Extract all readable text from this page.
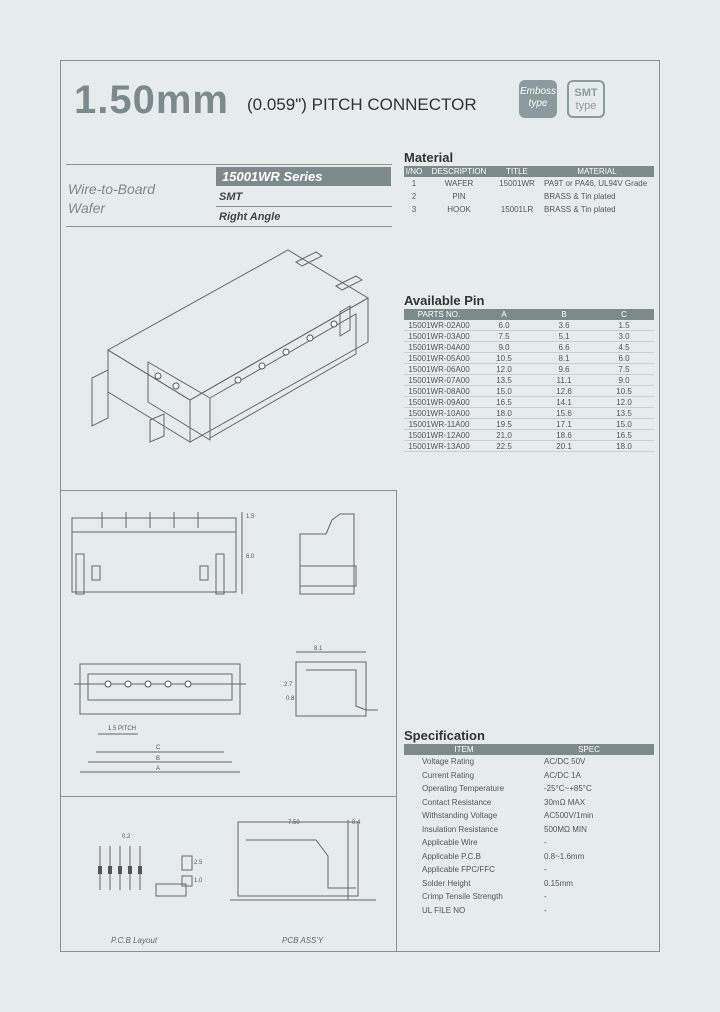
1.50mm (0.059") PITCH CONNECTOR
Emboss
type
SMT
type
Wire-to-Board
Wafer
15001WR Series
SMT
Right Angle
Material
I/NO	DESCRIPTION	TITLE	MATERIAL
1	WAFER	15001WR	PA9T or PA46, UL94V Grade
2	PIN		BRASS & Tin plated
3	HOOK	15001LR	BRASS & Tin plated
Available Pin
PARTS NO.	A	B	C
15001WR-02A00	6.0	3.6	1.5
15001WR-03A00	7.5	5.1	3.0
15001WR-04A00	9.0	6.6	4.5
15001WR-05A00	10.5	8.1	6.0
15001WR-06A00	12.0	9.6	7.5
15001WR-07A00	13.5	11.1	9.0
15001WR-08A00	15.0	12.6	10.5
15001WR-09A00	16.5	14.1	12.0
15001WR-10A00	18.0	15.6	13.5
15001WR-11A00	19.5	17.1	15.0
15001WR-12A00	21.0	18.6	16.5
15001WR-13A00	22.5	20.1	18.0
Specification
ITEM	SPEC
Voltage Rating	AC/DC 50V
Current Rating	AC/DC 1A
Operating Temperature	-25°C~+85°C
Contact Resistance	30mΩ MAX
Withstanding Voltage	AC500V/1min
Insulation Resistance	500MΩ MIN
Applicable Wire	-
Applicable P.C.B	0.8~1.6mm
Applicable FPC/FFC	-
Solder Height	0.15mm
Crimp Tensile Strength	-
UL FILE NO	-
1.5
6.0
8.1
2.7
0.8
1.5 PITCH
C
B
A
0.2
2.5
1.0
7.50	0.4
P.C.B Layout	PCB ASS'Y
